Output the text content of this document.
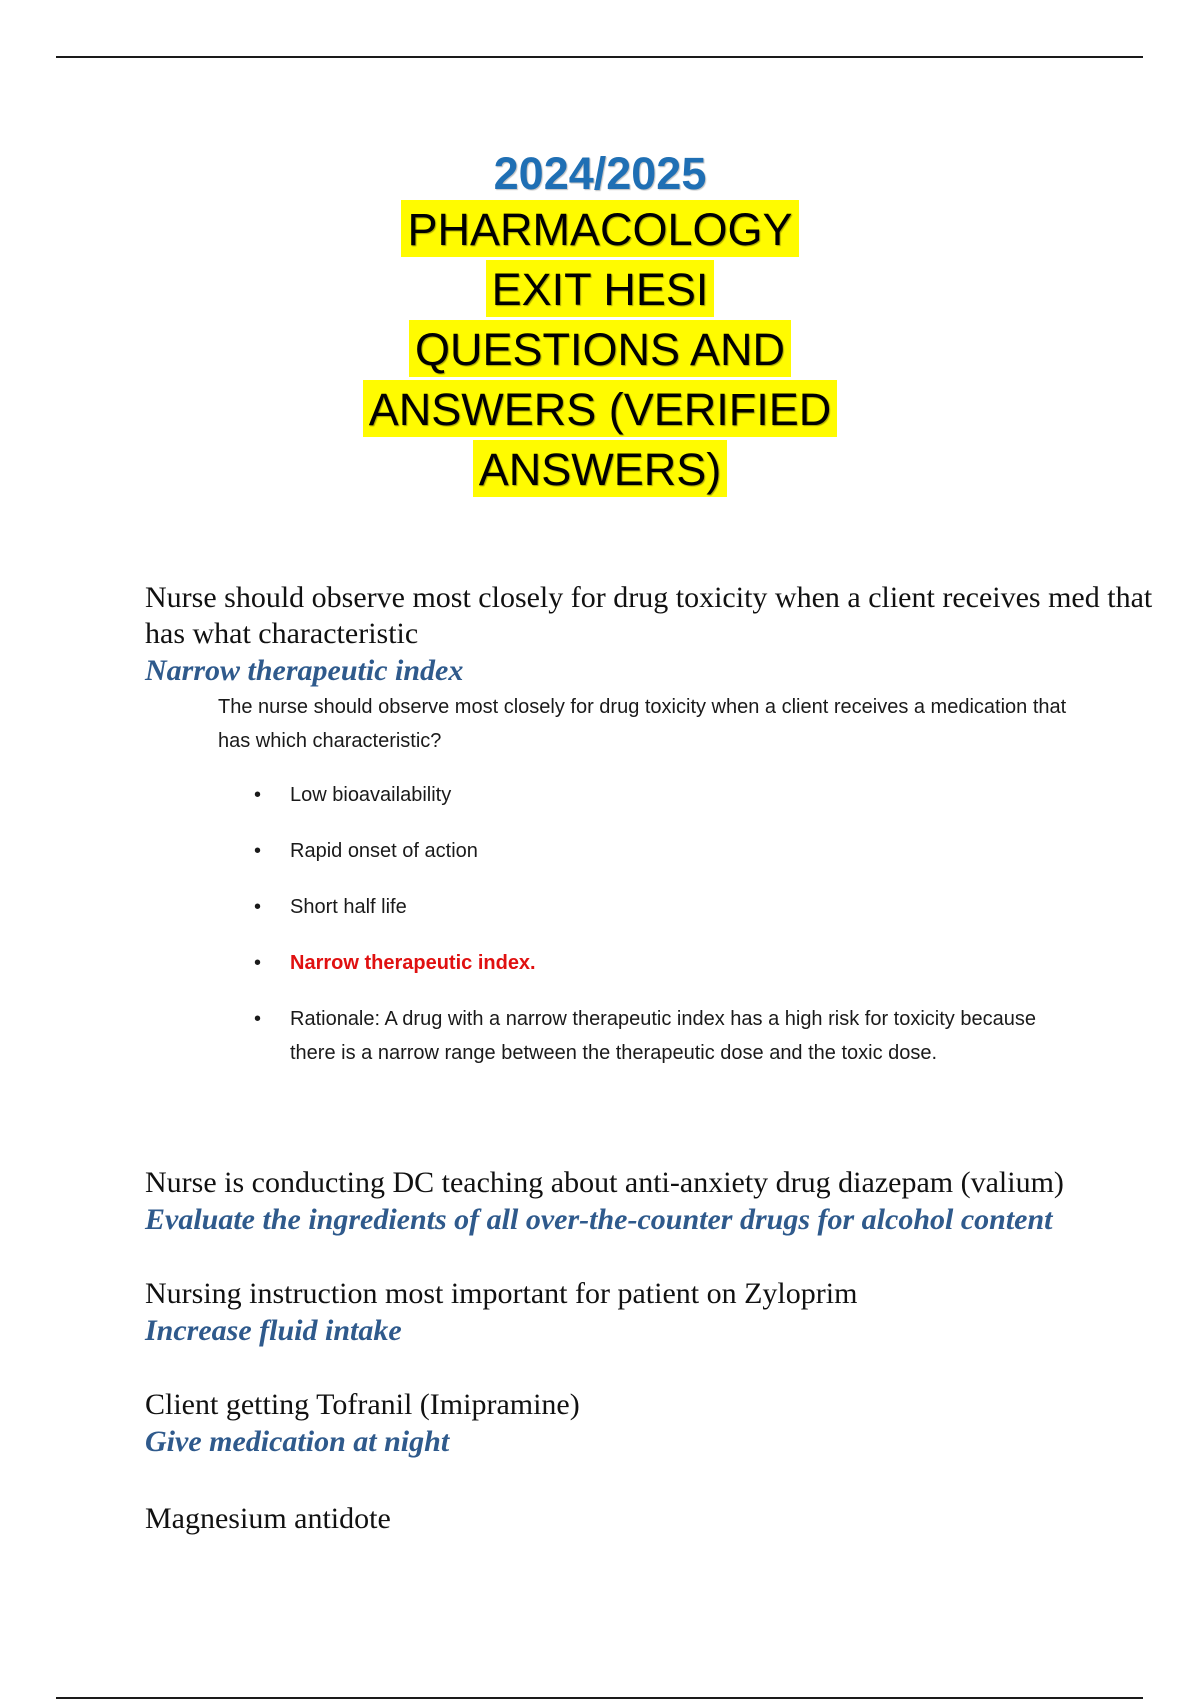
2024/2025
PHARMACOLOGY
EXIT HESI
QUESTIONS AND
ANSWERS (VERIFIED
ANSWERS)

Nurse should observe most closely for drug toxicity when a client receives med that has what characteristic

Narrow therapeutic index

The nurse should observe most closely for drug toxicity when a client receives a medication that has which characteristic?

• Low bioavailability
• Rapid onset of action
• Short half life
• Narrow therapeutic index.
• Rationale: A drug with a narrow therapeutic index has a high risk for toxicity because there is a narrow range between the therapeutic dose and the toxic dose.

Nurse is conducting DC teaching about anti-anxiety drug diazepam (valium)

Evaluate the ingredients of all over-the-counter drugs for alcohol content

Nursing instruction most important for patient on Zyloprim

Increase fluid intake

Client getting Tofranil (Imipramine)

Give medication at night

Magnesium antidote
